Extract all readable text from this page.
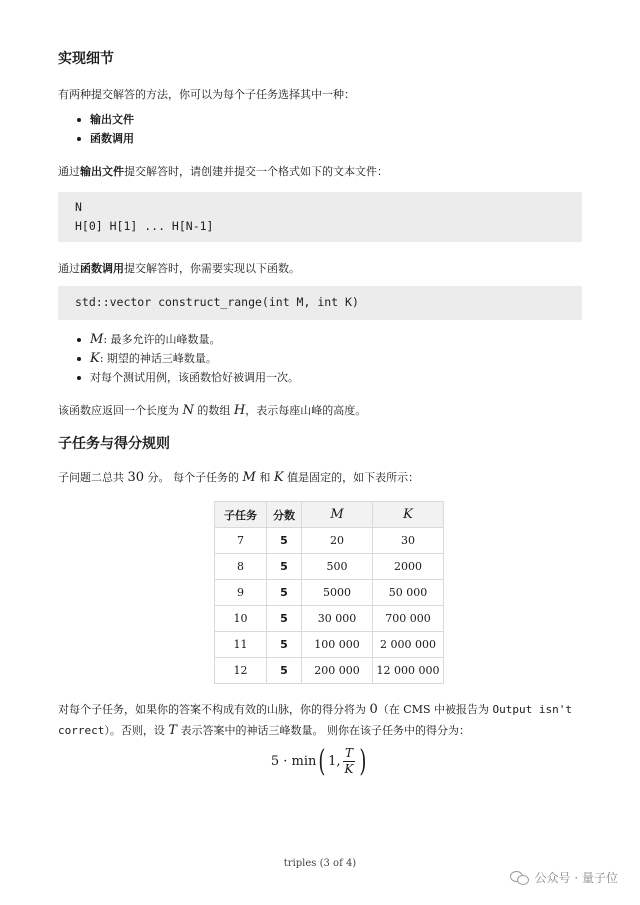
实现细节

有两种提交解答的方法，你可以为每个子任务选择其中一种：

输出文件
函数调用

通过输出文件提交解答时，请创建并提交一个格式如下的文本文件：

N
H[0] H[1] ... H[N-1]

通过函数调用提交解答时，你需要实现以下函数。

std::vector construct_range(int M, int K)
M: 最多允许的山峰数量。
K: 期望的神话三峰数量。
对每个测试用例，该函数恰好被调用一次。

该函数应返回一个长度为 N 的数组 H，表示每座山峰的高度。

子任务与得分规则

子问题二总共 30 分。 每个子任务的 M 和 K 值是固定的，如下表所示：

子任务	分数	M	K
7	5	20	30
8	5	500	2000
9	5	5000	50 000
10	5	30 000	700 000
11	5	100 000	2 000 000
12	5	200 000	12 000 000

对每个子任务，如果你的答案不构成有效的山脉，你的得分将为 0（在 CMS 中被报告为 Output isn't

correct）。否则，设 T 表示答案中的神话三峰数量。 则你在该子任务中的得分为：

5 · min ( 1, $\frac{T}{K}$ )
triples (3 of 4)
公众号 · 量子位
